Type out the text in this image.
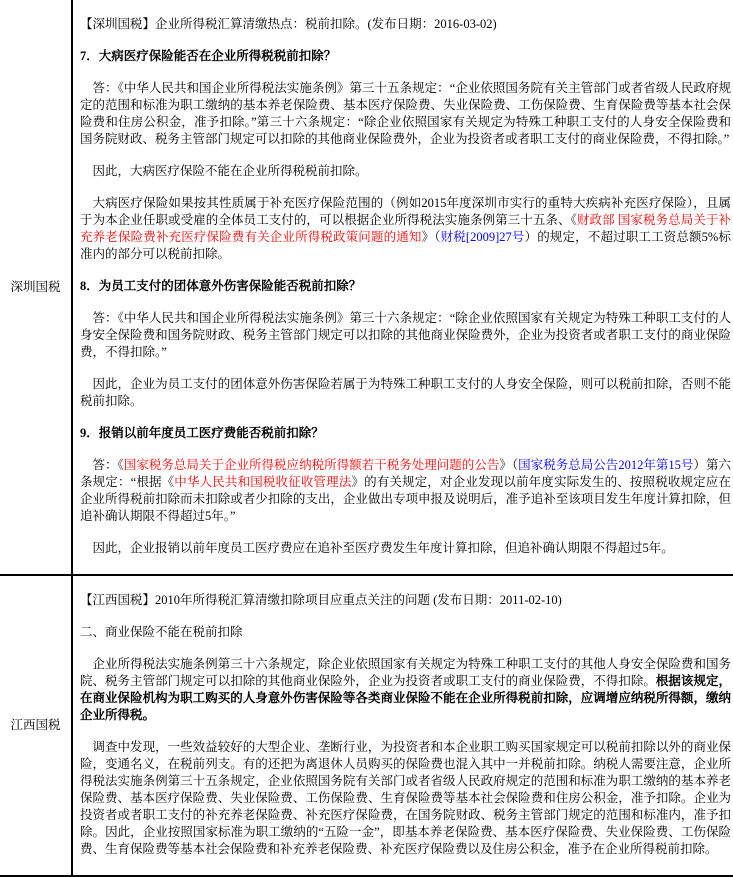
深圳国税

【深圳国税】企业所得税汇算清缴热点：税前扣除。(发布日期：2016-03-02)

7．大病医疗保险能否在企业所得税税前扣除？

答：《中华人民共和国企业所得税法实施条例》第三十五条规定：“企业依照国务院有关主管部门或者省级人民政府规定的范围和标准为职工缴纳的基本养老保险费、基本医疗保险费、失业保险费、工伤保险费、生育保险费等基本社会保险费和住房公积金，准予扣除。”第三十六条规定：“除企业依照国家有关规定为特殊工种职工支付的人身安全保险费和国务院财政、税务主管部门规定可以扣除的其他商业保险费外，企业为投资者或者职工支付的商业保险费，不得扣除。”

因此，大病医疗保险不能在企业所得税税前扣除。

大病医疗保险如果按其性质属于补充医疗保险范围的（例如2015年度深圳市实行的重特大疾病补充医疗保险），且属于为本企业任职或受雇的全体员工支付的，可以根据企业所得税法实施条例第三十五条、《财政部 国家税务总局关于补充养老保险费补充医疗保险费有关企业所得税政策问题的通知》（财税[2009]27号）的规定，不超过职工工资总额5%标准内的部分可以税前扣除。

8．为员工支付的团体意外伤害保险能否税前扣除？

答：《中华人民共和国企业所得税法实施条例》第三十六条规定：“除企业依照国家有关规定为特殊工种职工支付的人身安全保险费和国务院财政、税务主管部门规定可以扣除的其他商业保险费外，企业为投资者或者职工支付的商业保险费，不得扣除。”

因此，企业为员工支付的团体意外伤害保险若属于为特殊工种职工支付的人身安全保险，则可以税前扣除，否则不能税前扣除。

9．报销以前年度员工医疗费能否税前扣除？

答：《国家税务总局关于企业所得税应纳税所得额若干税务处理问题的公告》（国家税务总局公告2012年第15号）第六条规定：“根据《中华人民共和国税收征收管理法》的有关规定，对企业发现以前年度实际发生的、按照税收规定应在企业所得税前扣除而未扣除或者少扣除的支出，企业做出专项申报及说明后，准予追补至该项目发生年度计算扣除，但追补确认期限不得超过5年。”

因此，企业报销以前年度员工医疗费应在追补至医疗费发生年度计算扣除，但追补确认期限不得超过5年。

江西国税

【江西国税】2010年所得税汇算清缴扣除项目应重点关注的问题 (发布日期：2011-02-10)

二、商业保险不能在税前扣除

企业所得税法实施条例第三十六条规定，除企业依照国家有关规定为特殊工种职工支付的其他人身安全保险费和国务院、税务主管部门规定可以扣除的其他商业保险外，企业为投资者或职工支付的商业保险费，不得扣除。根据该规定，在商业保险机构为职工购买的人身意外伤害保险等各类商业保险不能在企业所得税前扣除，应调增应纳税所得额，缴纳企业所得税。

调查中发现，一些效益较好的大型企业、垄断行业，为投资者和本企业职工购买国家规定可以税前扣除以外的商业保险，变通名义，在税前列支。有的还把为离退休人员购买的保险费也混入其中一并税前扣除。纳税人需要注意，企业所得税法实施条例第三十五条规定，企业依照国务院有关部门或者省级人民政府规定的范围和标准为职工缴纳的基本养老保险费、基本医疗保险费、失业保险费、工伤保险费、生育保险费等基本社会保险费和住房公积金，准予扣除。企业为投资者或者职工支付的补充养老保险费、补充医疗保险费，在国务院财政、税务主管部门规定的范围和标准内，准予扣除。因此，企业按照国家标准为职工缴纳的“五险一金”，即基本养老保险费、基本医疗保险费、失业保险费、工伤保险费、生育保险费等基本社会保险费和补充养老保险费、补充医疗保险费以及住房公积金，准予在企业所得税前扣除。
